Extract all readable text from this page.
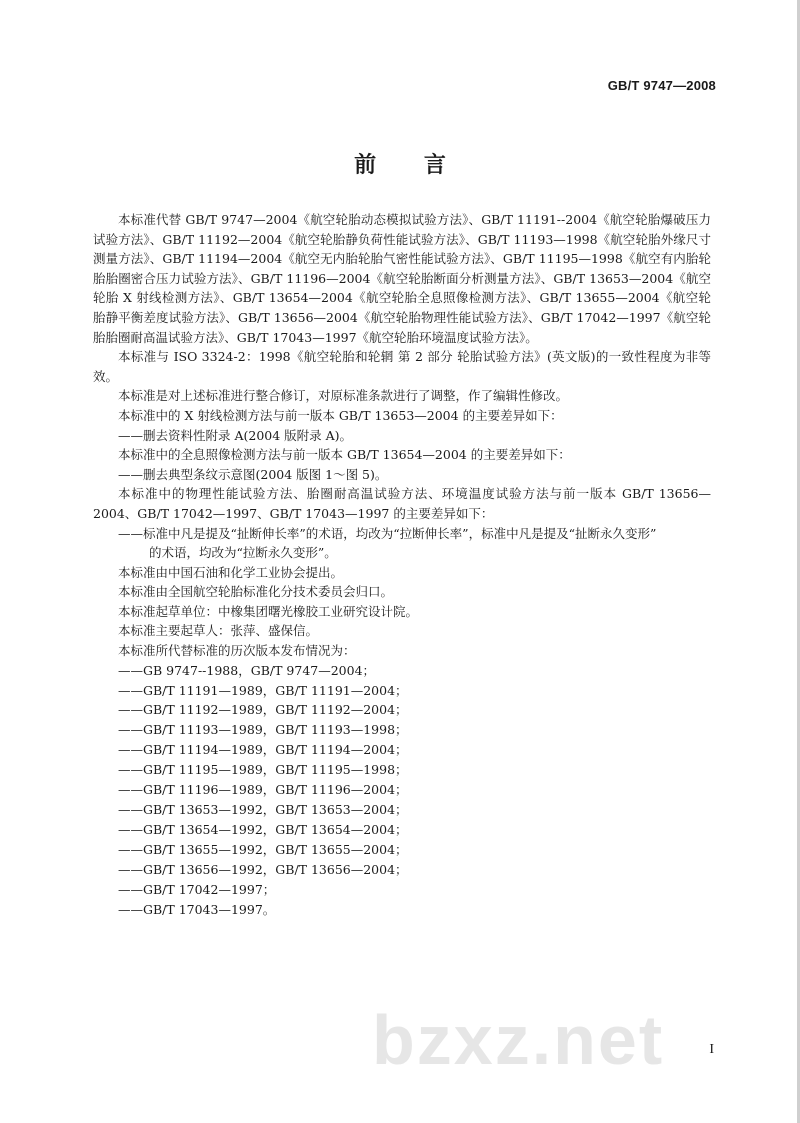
GB/T 9747—2008
前 言

本标准代替 GB/T 9747—2004《航空轮胎动态模拟试验方法》、GB/T 11191--2004《航空轮胎爆破压力试验方法》、GB/T 11192—2004《航空轮胎静负荷性能试验方法》、GB/T 11193—1998《航空轮胎外缘尺寸测量方法》、GB/T 11194—2004《航空无内胎轮胎气密性能试验方法》、GB/T 11195—1998《航空有内胎轮胎胎圈密合压力试验方法》、GB/T 11196—2004《航空轮胎断面分析测量方法》、GB/T 13653—2004《航空轮胎 X 射线检测方法》、GB/T 13654—2004《航空轮胎全息照像检测方法》、GB/T 13655—2004《航空轮胎静平衡差度试验方法》、GB/T 13656—2004《航空轮胎物理性能试验方法》、GB/T 17042—1997《航空轮胎胎圈耐高温试验方法》、GB/T 17043—1997《航空轮胎环境温度试验方法》。

本标准与 ISO 3324-2：1998《航空轮胎和轮辋 第 2 部分 轮胎试验方法》(英文版)的一致性程度为非等效。

本标准是对上述标准进行整合修订，对原标准条款进行了调整，作了编辑性修改。

本标准中的 X 射线检测方法与前一版本 GB/T 13653—2004 的主要差异如下：

——删去资料性附录 A(2004 版附录 A)。

本标准中的全息照像检测方法与前一版本 GB/T 13654—2004 的主要差异如下：

——删去典型条纹示意图(2004 版图 1～图 5)。

本标准中的物理性能试验方法、胎圈耐高温试验方法、环境温度试验方法与前一版本 GB/T 13656—2004、GB/T 17042—1997、GB/T 17043—1997 的主要差异如下：

——标准中凡是提及“扯断伸长率”的术语，均改为“拉断伸长率”，标准中凡是提及“扯断永久变形”

的术语，均改为“拉断永久变形”。

本标准由中国石油和化学工业协会提出。

本标准由全国航空轮胎标准化分技术委员会归口。

本标准起草单位：中橡集团曙光橡胶工业研究设计院。

本标准主要起草人：张萍、盛保信。

本标准所代替标准的历次版本发布情况为：

——GB 9747--1988，GB/T 9747—2004；
——GB/T 11191—1989，GB/T 11191—2004；
——GB/T 11192—1989，GB/T 11192—2004；
——GB/T 11193—1989，GB/T 11193—1998；
——GB/T 11194—1989，GB/T 11194—2004；
——GB/T 11195—1989，GB/T 11195—1998；
——GB/T 11196—1989，GB/T 11196—2004；
——GB/T 13653—1992，GB/T 13653—2004；
——GB/T 13654—1992，GB/T 13654—2004；
——GB/T 13655—1992，GB/T 13655—2004；
——GB/T 13656—1992，GB/T 13656—2004；
——GB/T 17042—1997；
——GB/T 17043—1997。
bzxz.net	I
